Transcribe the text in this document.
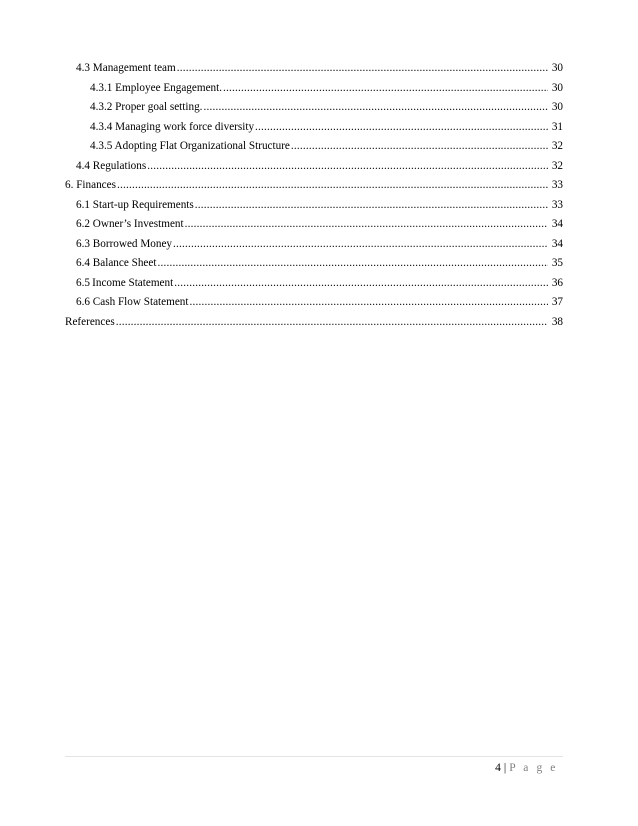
4.3 Management team .....	30
4.3.1 Employee Engagement. .....	30
4.3.2 Proper goal setting. .....	30
4.3.4 Managing work force diversity .....	31
4.3.5 Adopting Flat Organizational Structure .....	32
4.4 Regulations .....	32
6. Finances .....	33
6.1 Start-up Requirements .....	33
6.2 Owner’s Investment .....	34
6.3 Borrowed Money .....	34
6.4 Balance Sheet .....	35
6.5 Income Statement .....	36
6.6 Cash Flow Statement .....	37
References .....	38
4 | P a g e
